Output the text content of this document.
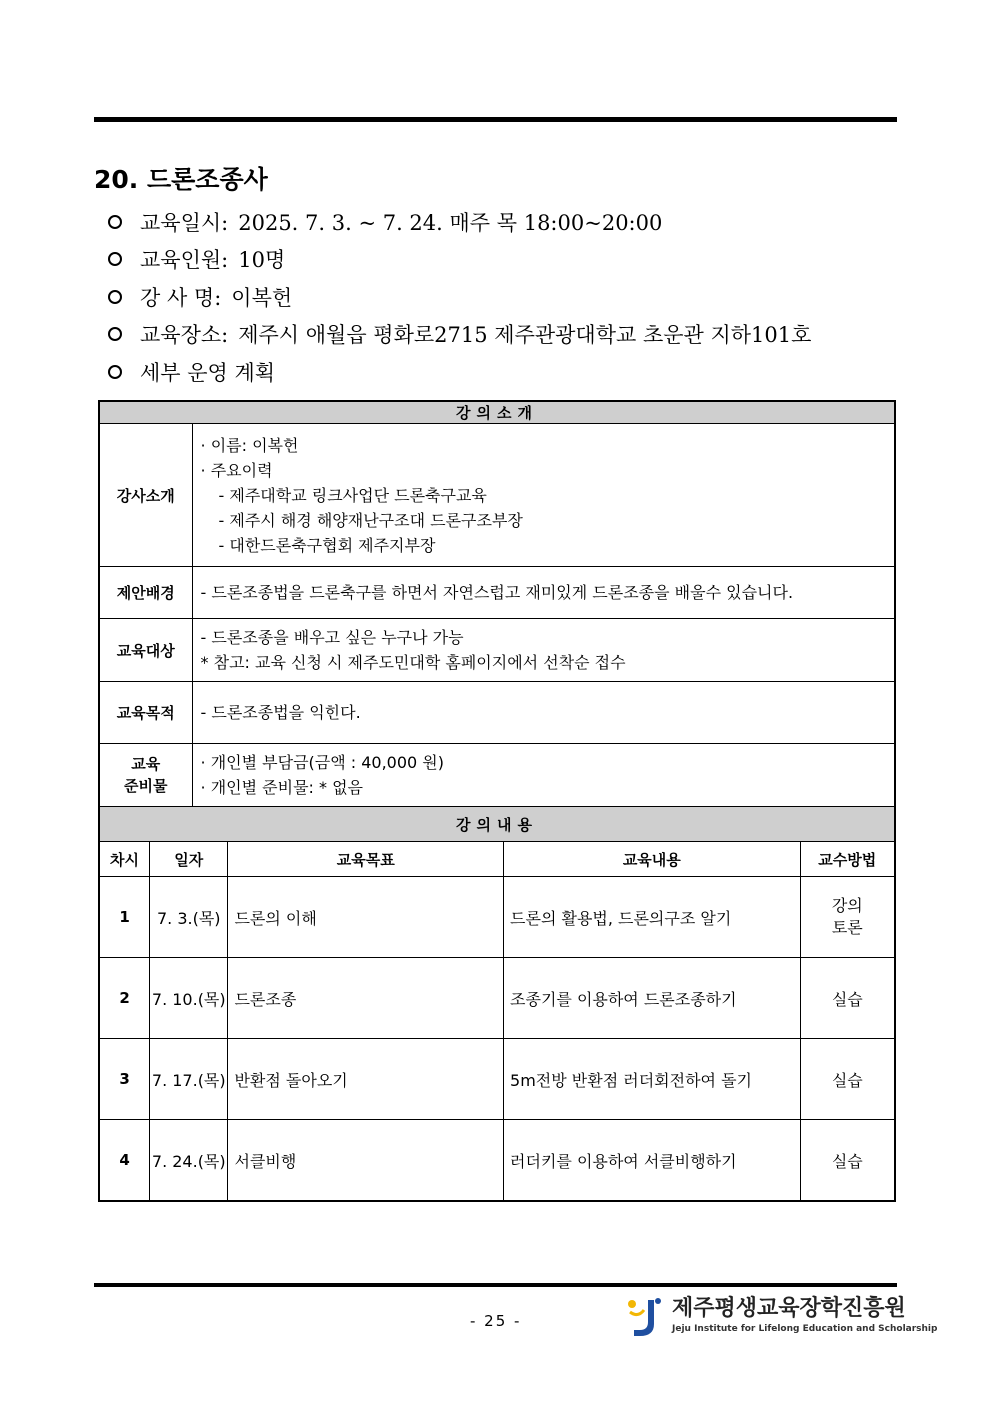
20. 드론조종사
교육일시: 2025. 7. 3. ~ 7. 24. 매주 목 18:00~20:00
교육인원: 10명
강 사 명: 이복헌
교육장소: 제주시 애월읍 평화로2715 제주관광대학교 초운관 지하101호
세부 운영 계획
강의소개					
강사소개		· 이름: 이복헌
· 주요이력
- 제주대학교 링크사업단 드론축구교육
- 제주시 해경 해양재난구조대 드론구조부장
- 대한드론축구협회 제주지부장			

제안배경		- 드론조종법을 드론축구를 하면서 자연스럽고 재미있게 드론조종을 배울수 있습니다.			

교육대상		- 드론조종을 배우고 싶은 누구나 가능
* 참고: 교육 신청 시 제주도민대학 홈페이지에서 선착순 접수			

교육목적		- 드론조종법을 익힌다.			

교육
준비물		· 개인별 부담금(금액 : 40,000 원)
· 개인별 준비물: * 없음			

강의내용					
차시	일자		교육목표	교육내용	교수방법
1	7. 3.(목)		드론의 이해	드론의 활용법, 드론의구조 알기	강의
토론
2	7. 10.(목)		드론조종	조종기를 이용하여 드론조종하기	실습
3	7. 17.(목)		반환점 돌아오기	5m전방 반환점 러더회전하여 돌기	실습
4	7. 24.(목)		서클비행	러더키를 이용하여 서클비행하기	실습
- 25 -	제주평생교육장학진흥원
Jeju Institute for Lifelong Education and Scholarship
